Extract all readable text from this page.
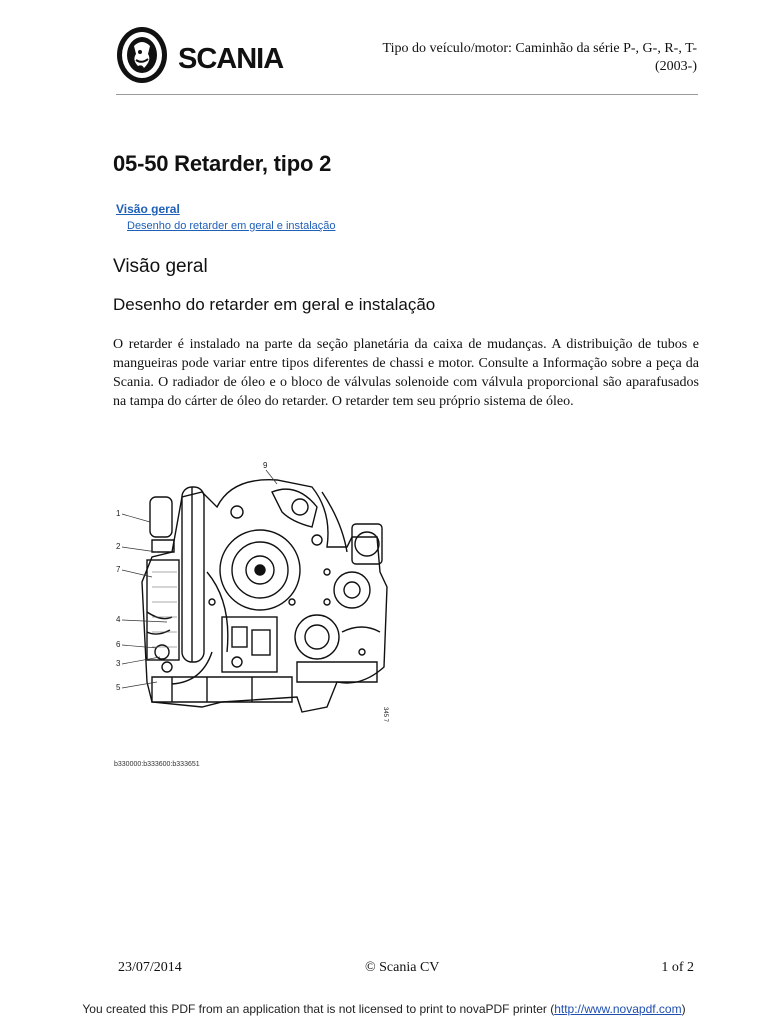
SCANIA	Tipo do veículo/motor: Caminhão da série P-, G-, R-, T-
(2003-)
05-50 Retarder, tipo 2
Visão geral
Desenho do retarder em geral e instalação
Visão geral
Desenho do retarder em geral e instalação

O retarder é instalado na parte da seção planetária da caixa de mudanças. A distribuição de tubos e mangueiras pode variar entre tipos diferentes de chassi e motor. Consulte a Informação sobre a peça da Scania. O radiador de óleo e o bloco de válvulas solenoide com válvula proporcional são aparafusados na tampa do cárter de óleo do retarder. O retarder tem seu próprio sistema de óleo.

1
2
7
4
6
3
5
9
345 7
b330000:b333600:b333651
23/07/2014	© Scania CV	1 of 2
You created this PDF from an application that is not licensed to print to novaPDF printer (http://www.novapdf.com)
